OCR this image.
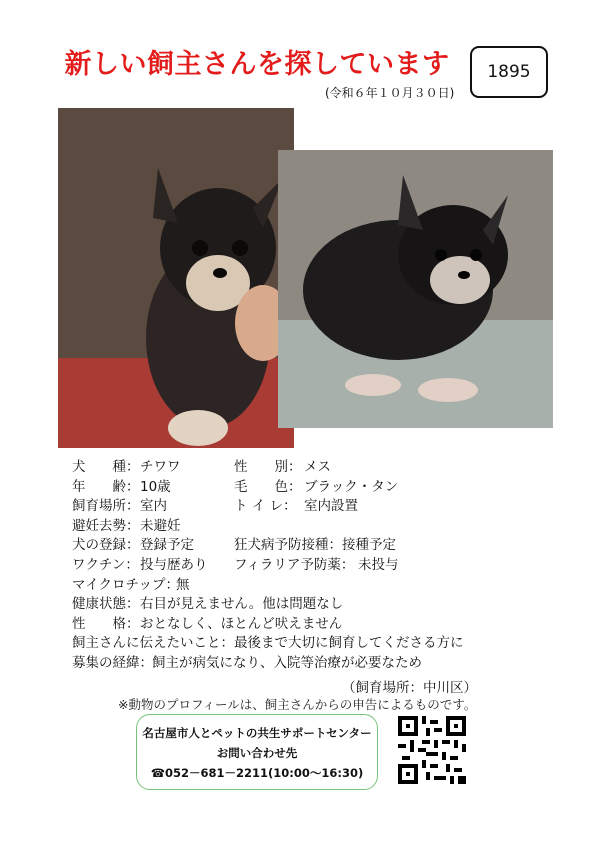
新しい飼主さんを探しています
(令和６年１０月３０日)
1895
犬　　種： チワワ	性　　別： メス
年　　齢： 10歳	毛　　色： ブラック・タン
飼育場所： 室内	ト イ レ： 室内設置
避妊去勢： 未避妊
犬の登録： 登録予定	狂犬病予防接種： 接種予定
ワクチン： 投与歴あり フィラリア予防薬： 未投与
マイクロチップ：
無
健康状態： 右目が見えません。他は問題なし
性　　格： おとなしく、ほとんど吠えません
飼主さんに伝えたいこと： 最後まで大切に飼育してくださる方に
募集の経緯： 飼主が病気になり、入院等治療が必要なため
（飼育場所：中川区）
※動物のプロフィールは、飼主さんからの申告によるものです。
名古屋市人とペットの共生サポートセンター
お問い合わせ先
☎052－681－2211(10:00～16:30)
